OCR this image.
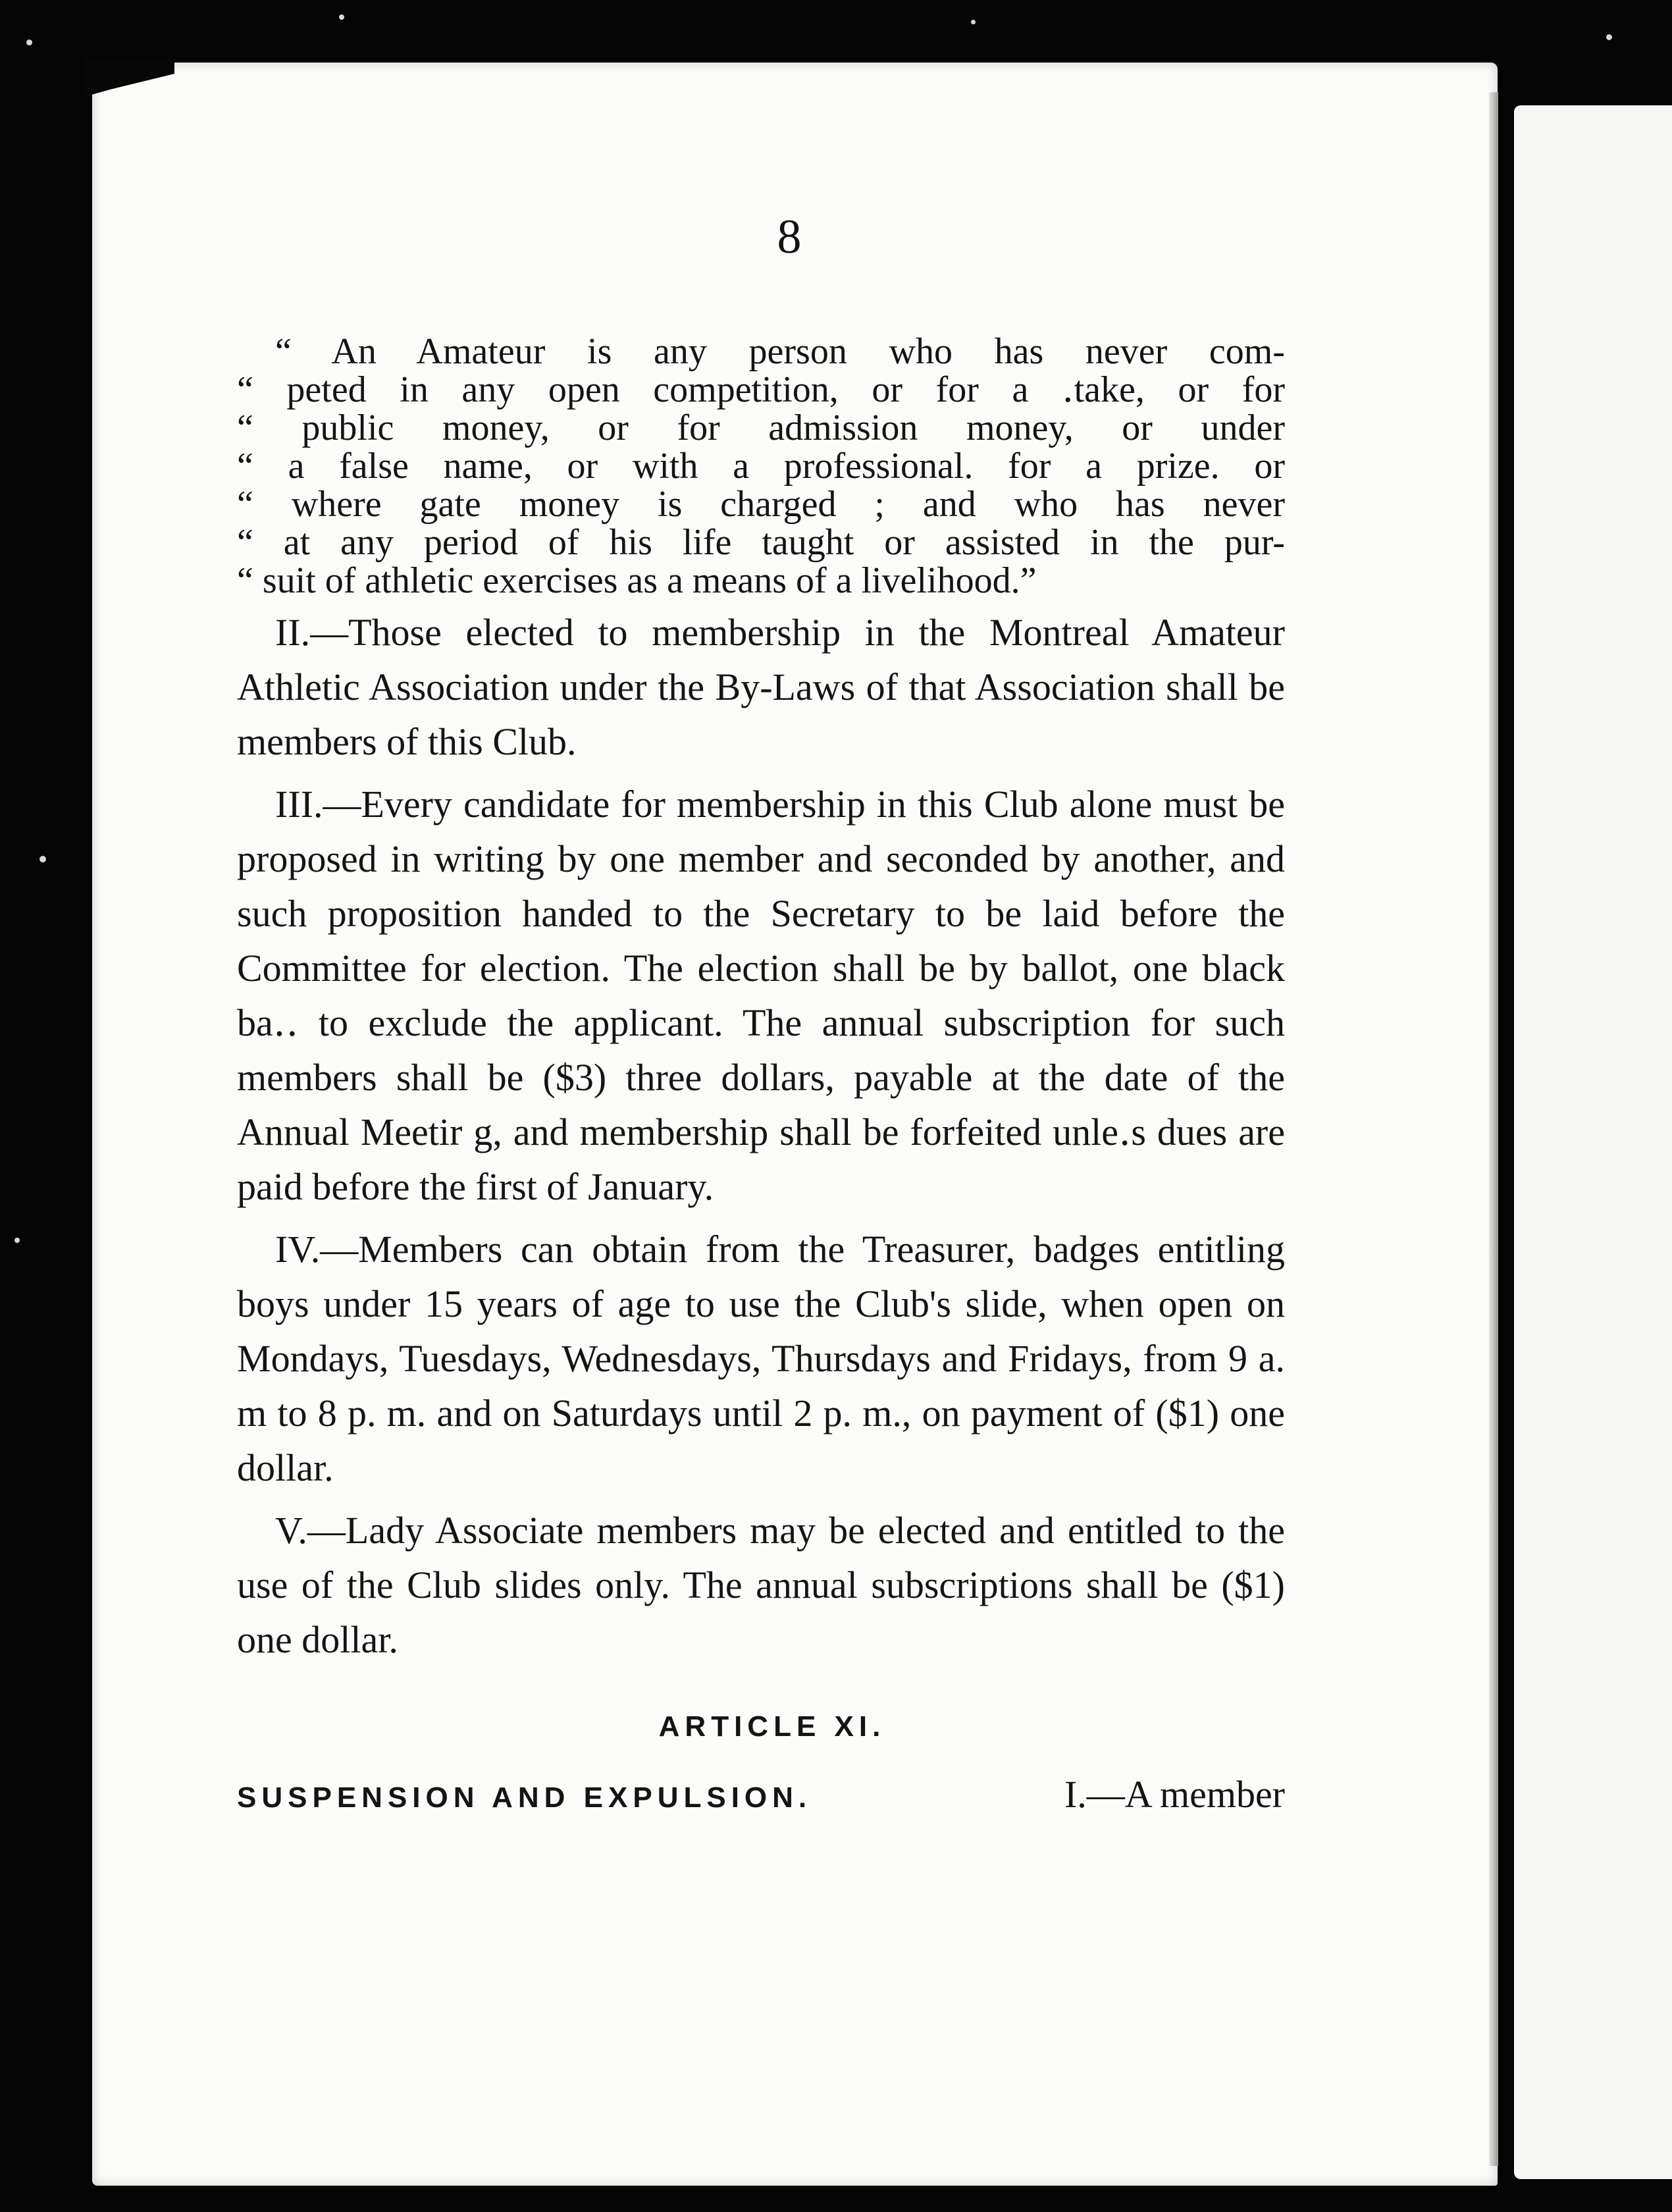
8

“ An Amateur is any person who has never com-

“ peted in any open competition, or for a ․take, or for

“ public money, or for admission money, or under

“ a false name, or with a professional. for a prize. or

“ where gate money is charged ; and who has never

“ at any period of his life taught or assisted in the pur-

“ suit of athletic exercises as a means of a livelihood.”

II.—Those elected to membership in the Montreal Amateur Athletic Association under the By-Laws of that Association shall be members of this Club.

III.—Every candidate for membership in this Club alone must be proposed in writing by one member and seconded by another, and such proposition handed to the Secretary to be laid before the Committee for election. The election shall be by ballot, one black ba․․ to exclude the applicant. The annual subscription for such members shall be ($3) three dollars, payable at the date of the Annual Meetir g, and membership shall be forfeited unle․s dues are paid before the first of January.

IV.—Members can obtain from the Treasurer, badges entitling boys under 15 years of age to use the Club's slide, when open on Mondays, Tuesdays, Wednesdays, Thursdays and Fridays, from 9 a. m to 8 p. m. and on Saturdays until 2 p. m., on payment of ($1) one dollar.

V.—Lady Associate members may be elected and entitled to the use of the Club slides only. The annual subscriptions shall be ($1) one dollar.

ARTICLE XI.
SUSPENSION AND EXPULSION.	I.—A member
